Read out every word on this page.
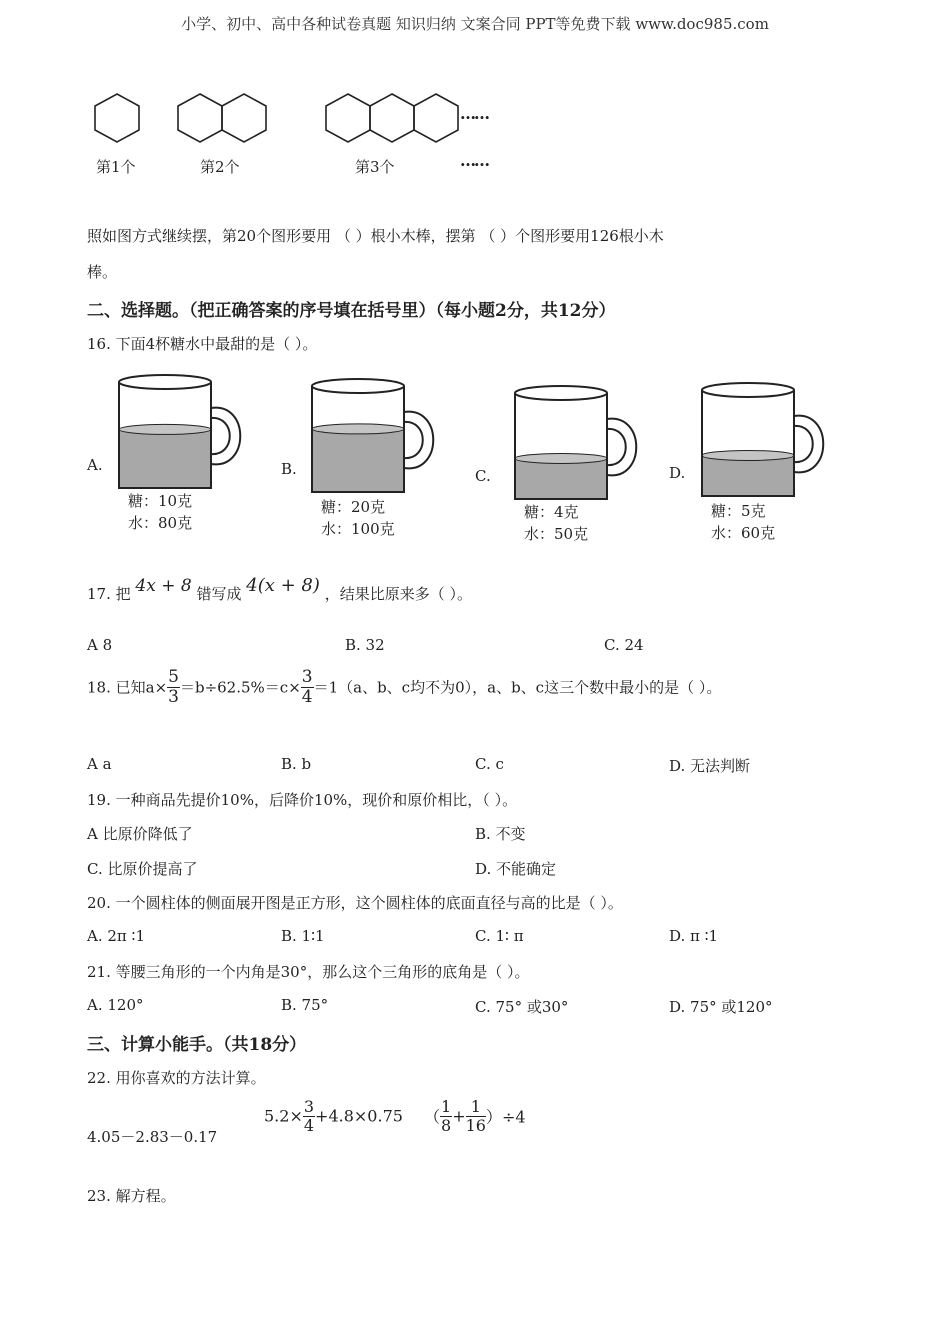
小学、初中、高中各种试卷真题 知识归纳 文案合同 PPT等免费下载 www.doc985.com
……
……
第1个	第2个	第3个
照如图方式继续摆，第20个图形要用 （ ）根小木棒，摆第 （ ）个图形要用126根小木
棒。
二、选择题。（把正确答案的序号填在括号里）（每小题2分，共12分）
16. 下面4杯糖水中最甜的是（ ）。
A.
糖：10克
水：80克
B.
糖：20克
水：100克
C.
糖：4克
水：50克
D.
糖：5克
水：60克
17. 把 4x + 8 错写成 4(x + 8) ，结果比原来多（ ）。
A 8	B. 32	C. 24
18. 已知$a\times \frac{5}{3} =b\div 62.5\%=c\times \frac{3}{4} =1(a$、b、c均不为0），a、b、c这三个数中最小的是（ ）。
A a	B. b	C. c	D. 无法判断
19. 一种商品先提价10%，后降价10%，现价和原价相比，（ ）。
A 比原价降低了	B. 不变
C. 比原价提高了	D. 不能确定
20. 一个圆柱体的侧面展开图是正方形，这个圆柱体的底面直径与高的比是（ ）。
A. 2π ∶1	B. 1∶1	C. 1∶ π	D. π ∶1
21. 等腰三角形的一个内角是30°，那么这个三角形的底角是（ ）。
A. 120°	B. 75°	C. 75° 或30°	D. 75° 或120°
三、计算小能手。（共18分）
22. 用你喜欢的方法计算。
4.05－2.83－0.17
$5.2\times \frac{3}{4} +4.8\times 0.75$ （ $\frac{1}{8} + \frac{1}{16} )\div 4$
23. 解方程。
